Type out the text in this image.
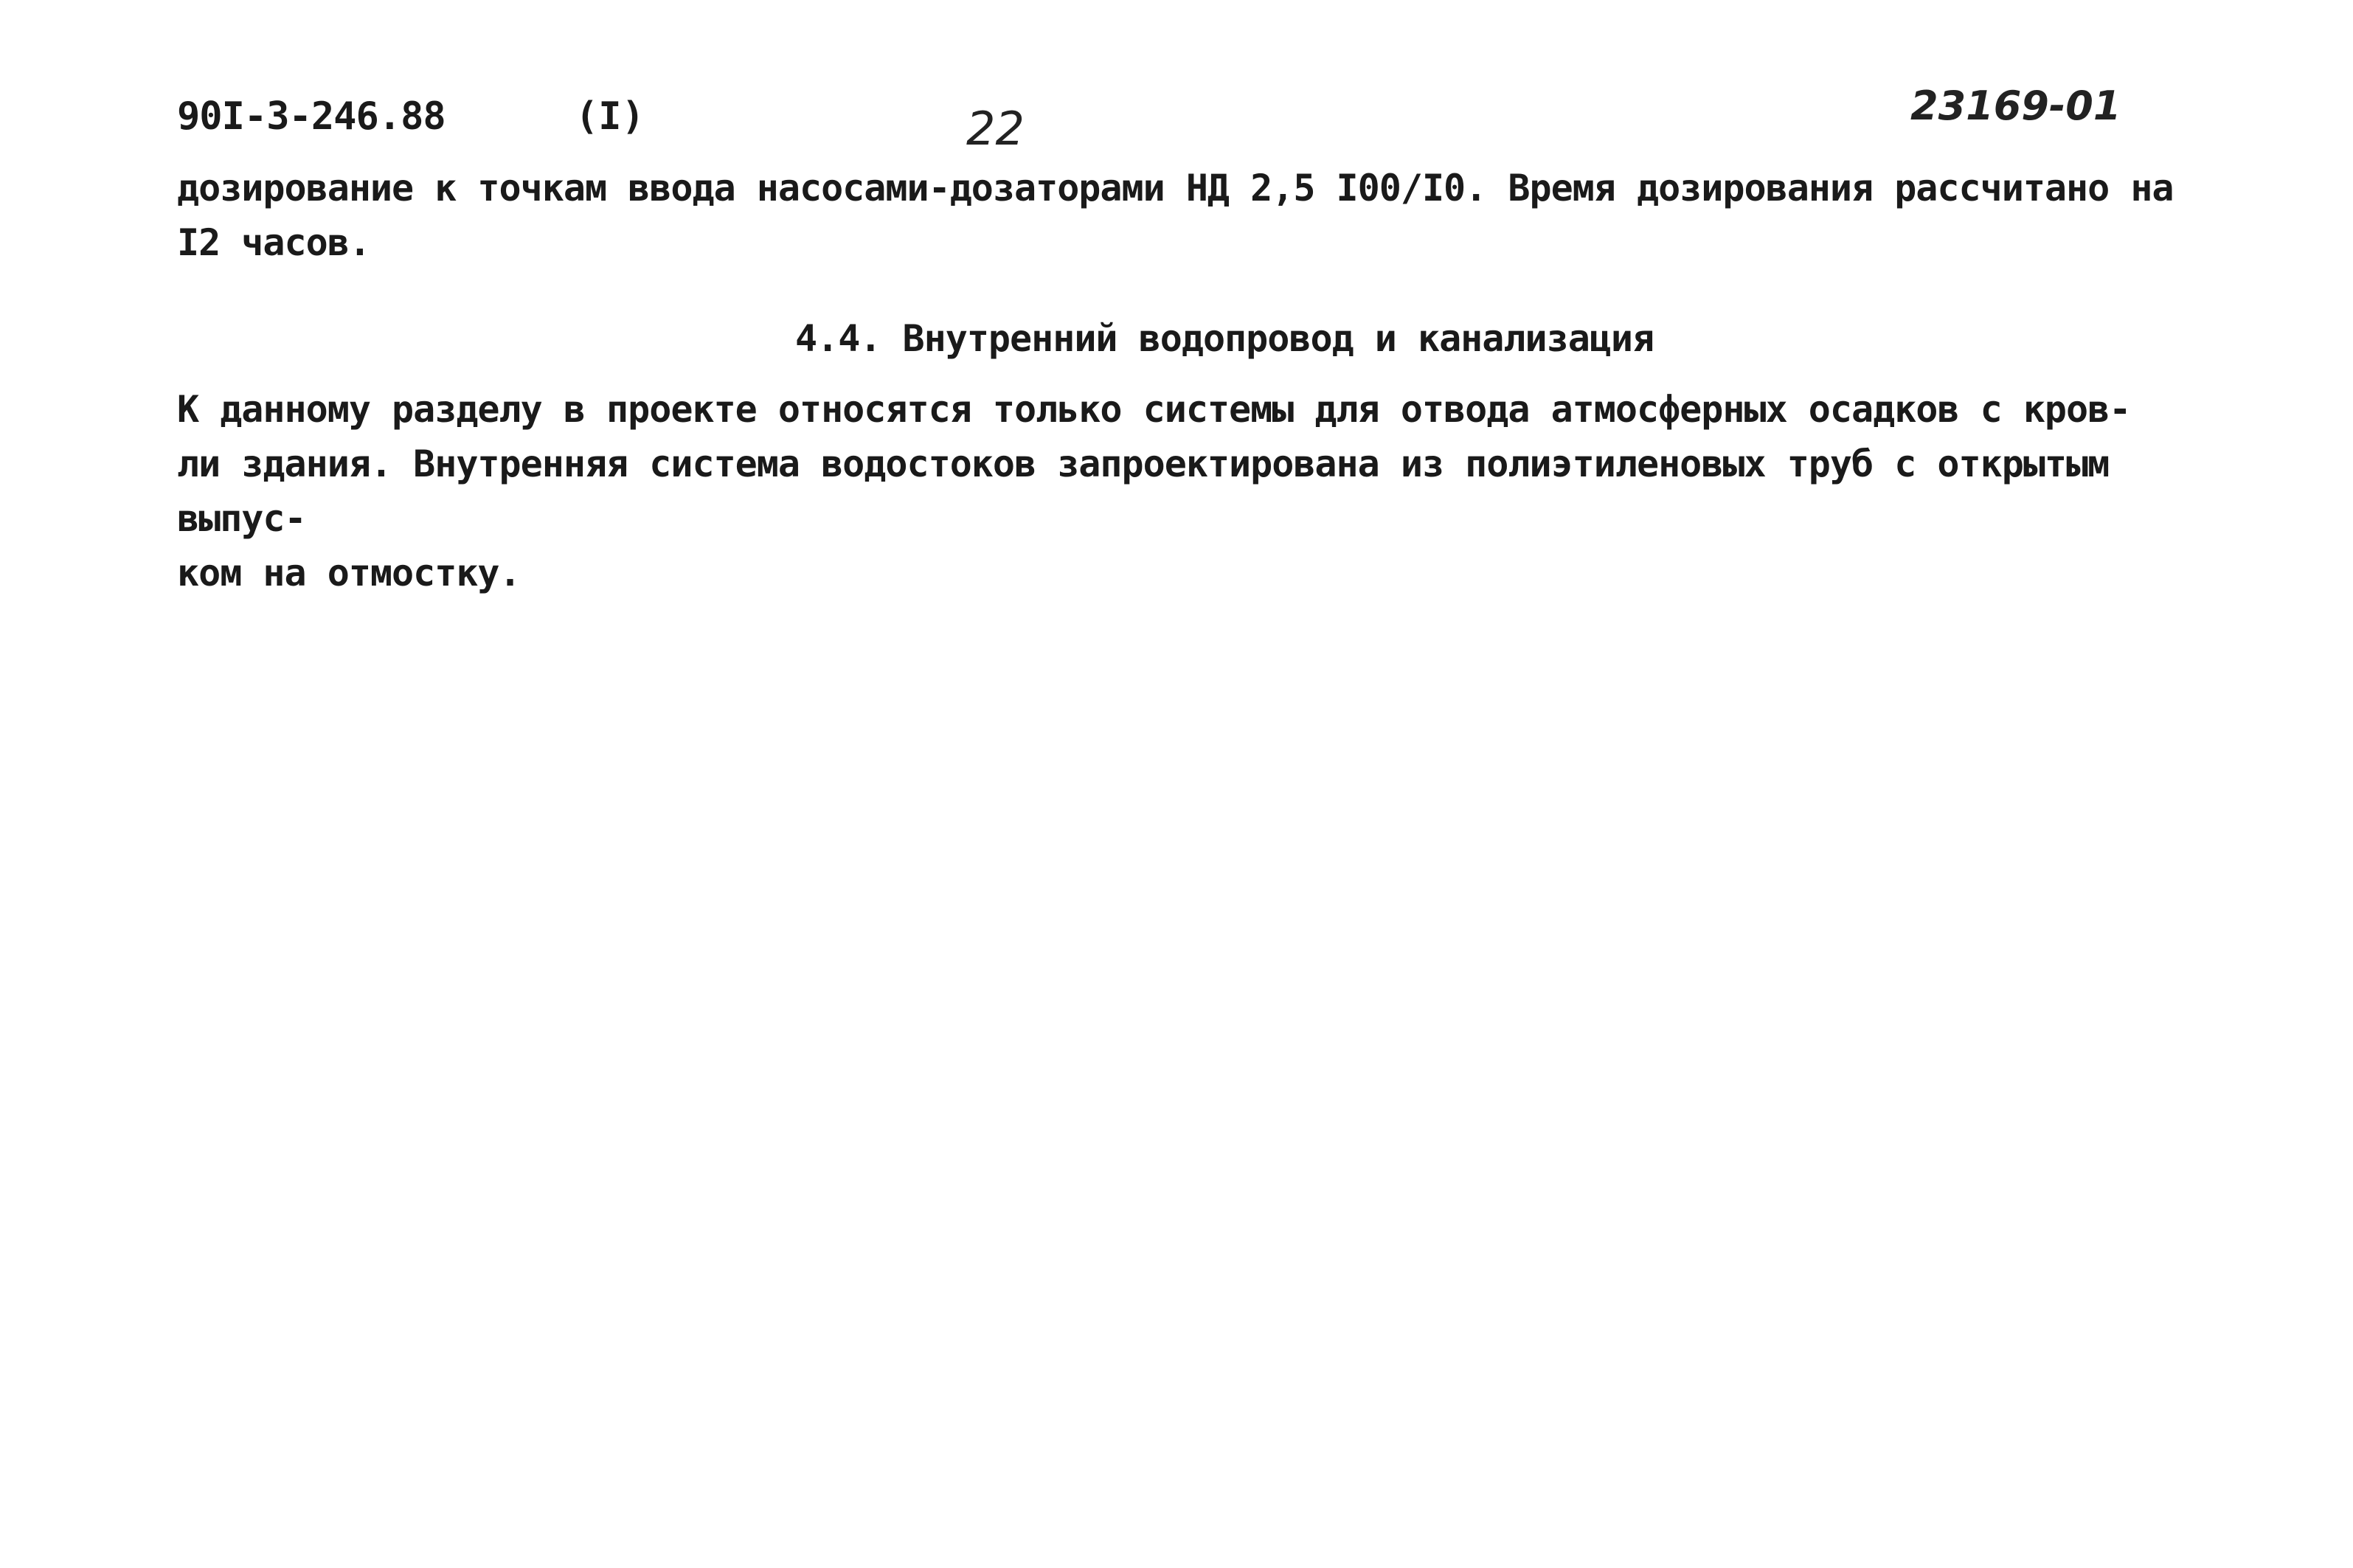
90I-3-246.88	(I)	22	23169-01

дозирование к точкам ввода насосами-дозаторами НД 2,5 I00/I0. Время дозирования рассчитано на
I2 часов.

4.4. Внутренний водопровод и канализация

К данному разделу в проекте относятся только системы для отвода атмосферных осадков с кров-
ли здания. Внутренняя система водостоков запроектирована из полиэтиленовых труб с открытым выпус-
ком на отмостку.
